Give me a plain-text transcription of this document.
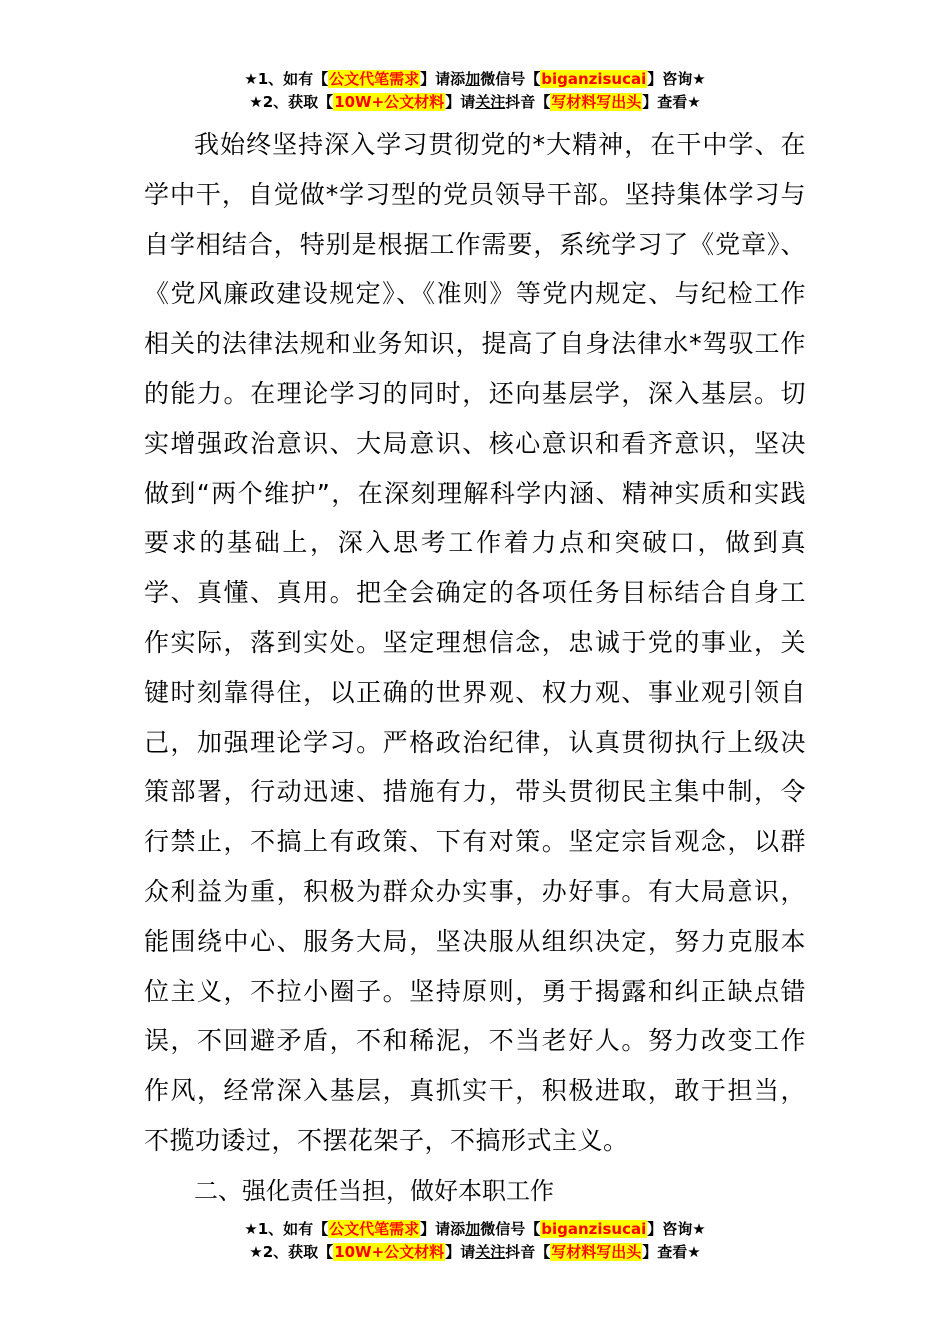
★1、如有【公文代笔需求】请添加微信号【biganzisucai】咨询★
★2、获取【10W+公文材料】请关注抖音【写材料写出头】查看★

我始终坚持深入学习贯彻党的*大精神，在干中学、在学中干，自觉做*学习型的党员领导干部。坚持集体学习与自学相结合，特别是根据工作需要，系统学习了《党章》、《党风廉政建设规定》、《准则》等党内规定、与纪检工作相关的法律法规和业务知识，提高了自身法律水*驾驭工作的能力。在理论学习的同时，还向基层学，深入基层。切实增强政治意识、大局意识、核心意识和看齐意识，坚决做到“两个维护”，在深刻理解科学内涵、精神实质和实践要求的基础上，深入思考工作着力点和突破口，做到真学、真懂、真用。把全会确定的各项任务目标结合自身工作实际，落到实处。坚定理想信念，忠诚于党的事业，关键时刻靠得住，以正确的世界观、权力观、事业观引领自己，加强理论学习。严格政治纪律，认真贯彻执行上级决策部署，行动迅速、措施有力，带头贯彻民主集中制，令行禁止，不搞上有政策、下有对策。坚定宗旨观念，以群众利益为重，积极为群众办实事，办好事。有大局意识，能围绕中心、服务大局，坚决服从组织决定，努力克服本位主义，不拉小圈子。坚持原则，勇于揭露和纠正缺点错误，不回避矛盾，不和稀泥，不当老好人。努力改变工作作风，经常深入基层，真抓实干，积极进取，敢于担当，不揽功诿过，不摆花架子，不搞形式主义。

二、强化责任当担，做好本职工作

★1、如有【公文代笔需求】请添加微信号【biganzisucai】咨询★
★2、获取【10W+公文材料】请关注抖音【写材料写出头】查看★
